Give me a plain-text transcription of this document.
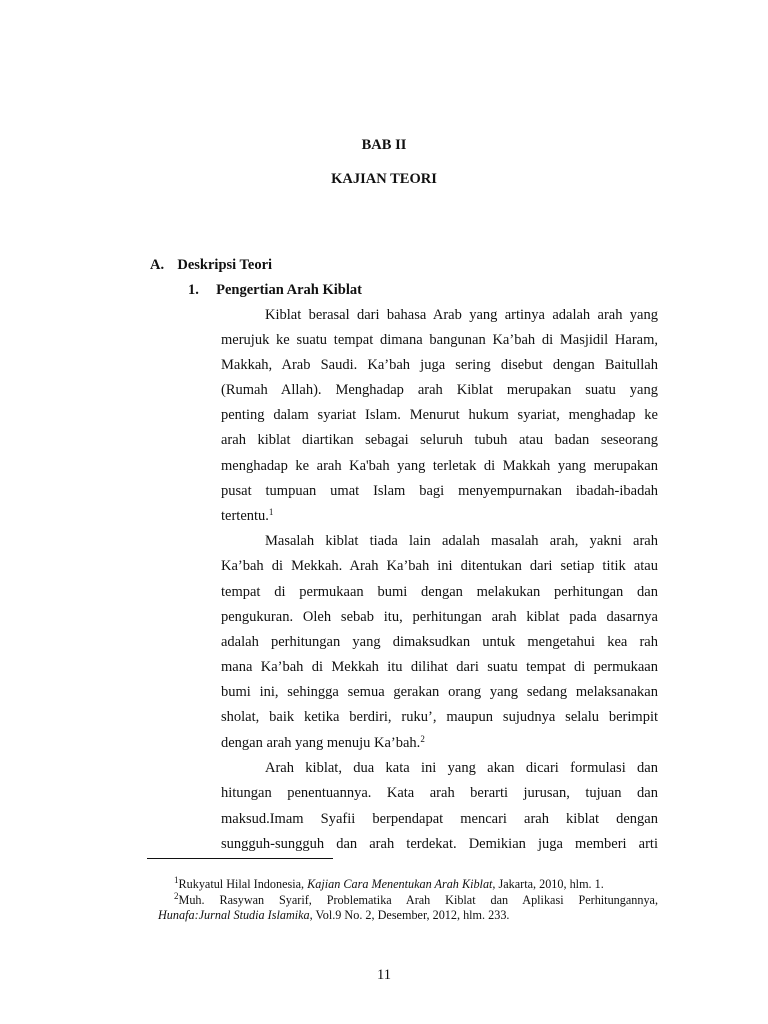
BAB II
KAJIAN TEORI
A. Deskripsi Teori
1. Pengertian Arah Kiblat
Kiblat berasal dari bahasa Arab yang artinya adalah arah yang
merujuk ke suatu tempat dimana bangunan Ka’bah di Masjidil Haram,
Makkah, Arab Saudi. Ka’bah juga sering disebut dengan Baitullah
(Rumah Allah). Menghadap arah Kiblat merupakan suatu yang
penting dalam syariat Islam. Menurut hukum syariat, menghadap ke
arah kiblat diartikan sebagai seluruh tubuh atau badan seseorang
menghadap ke arah Ka'bah yang terletak di Makkah yang merupakan
pusat tumpuan umat Islam bagi menyempurnakan ibadah-ibadah
tertentu.$^1$
Masalah kiblat tiada lain adalah masalah arah, yakni arah
Ka’bah di Mekkah. Arah Ka’bah ini ditentukan dari setiap titik atau
tempat di permukaan bumi dengan melakukan perhitungan dan
pengukuran. Oleh sebab itu, perhitungan arah kiblat pada dasarnya
adalah perhitungan yang dimaksudkan untuk mengetahui kea rah
mana Ka’bah di Mekkah itu dilihat dari suatu tempat di permukaan
bumi ini, sehingga semua gerakan orang yang sedang melaksanakan
sholat, baik ketika berdiri, ruku’, maupun sujudnya selalu berimpit
dengan arah yang menuju Ka’bah.$^2$
Arah kiblat, dua kata ini yang akan dicari formulasi dan
hitungan penentuannya. Kata arah berarti jurusan, tujuan dan
maksud.Imam Syafii berpendapat mencari arah kiblat dengan
sungguh-sungguh dan arah terdekat. Demikian juga memberi arti
$^1$Rukyatul Hilal Indonesia, Kajian Cara Menentukan Arah Kiblat, Jakarta, 2010, hlm. 1.
$^2$Muh. Rasywan Syarif, Problematika Arah Kiblat dan Aplikasi Perhitungannya,
Hunafa:Jurnal Studia Islamika, Vol.9 No. 2, Desember, 2012, hlm. 233.
11
